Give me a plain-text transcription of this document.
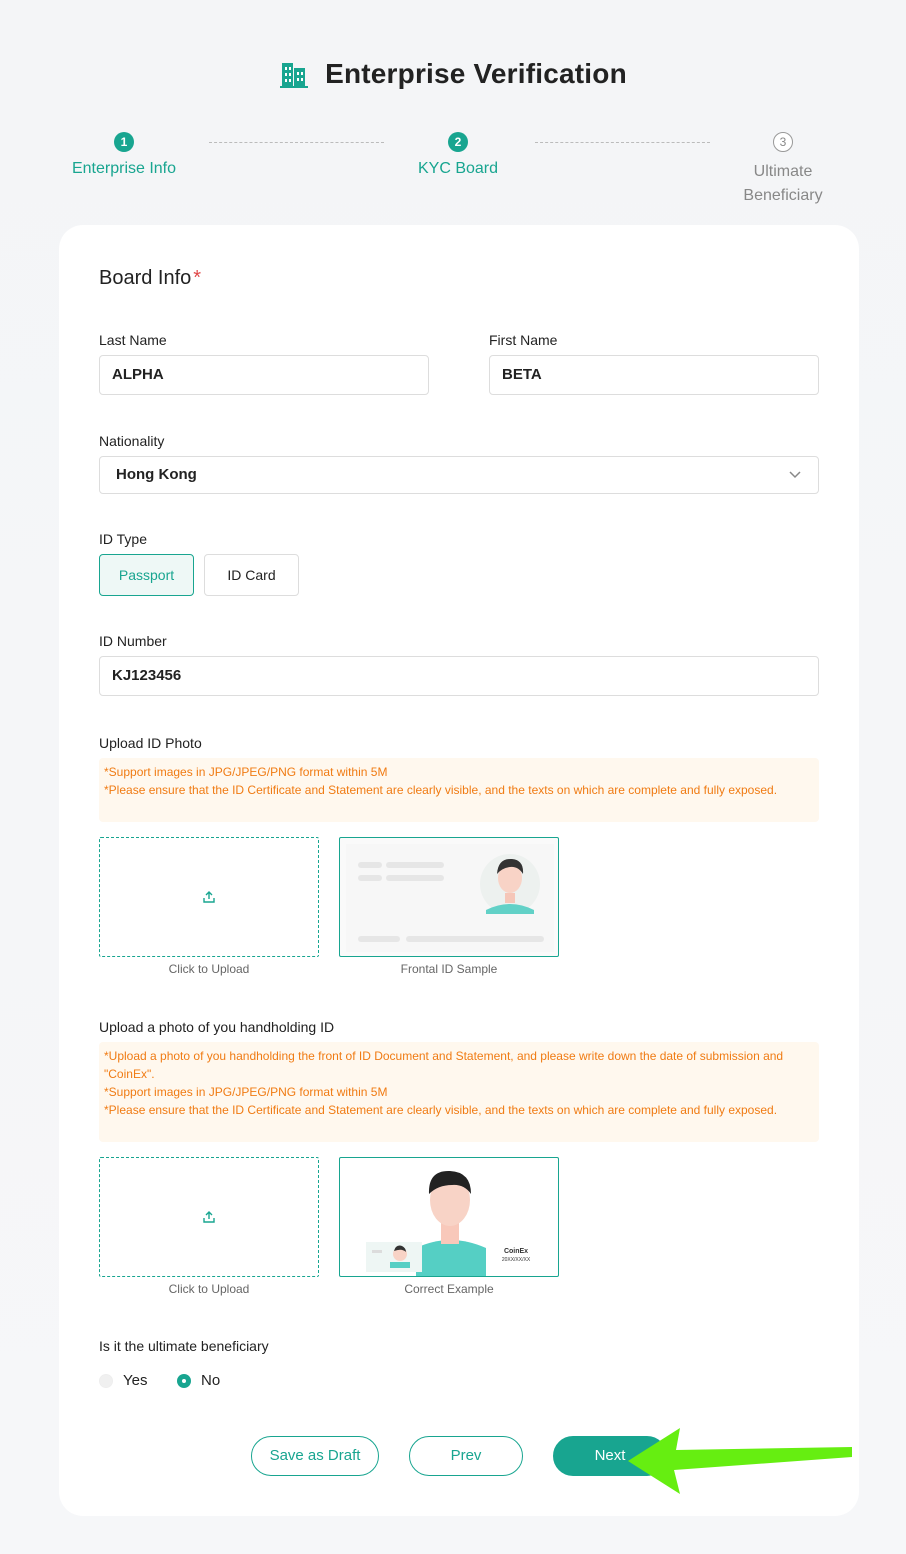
Enterprise Verification
1
Enterprise Info
2
KYC Board
3
Ultimate Beneficiary
Board Info *
Last Name
ALPHA
First Name
BETA
Nationality
Hong Kong
ID Type
Passport	ID Card
ID Number
KJ123456
Upload ID Photo
*Support images in JPG/JPEG/PNG format within 5M
*Please ensure that the ID Certificate and Statement are clearly visible, and the texts on which are complete and fully exposed.
Click to Upload	Frontal ID Sample
Upload a photo of you handholding ID
*Upload a photo of you handholding the front of ID Document and Statement, and please write down the date of submission and "CoinEx".
*Support images in JPG/JPEG/PNG format within 5M
*Please ensure that the ID Certificate and Statement are clearly visible, and the texts on which are complete and fully exposed.
Click to Upload
CoinEx
20XX/XX/XX
Correct Example
Is it the ultimate beneficiary
Yes	No
Save as Draft	Prev	Next
